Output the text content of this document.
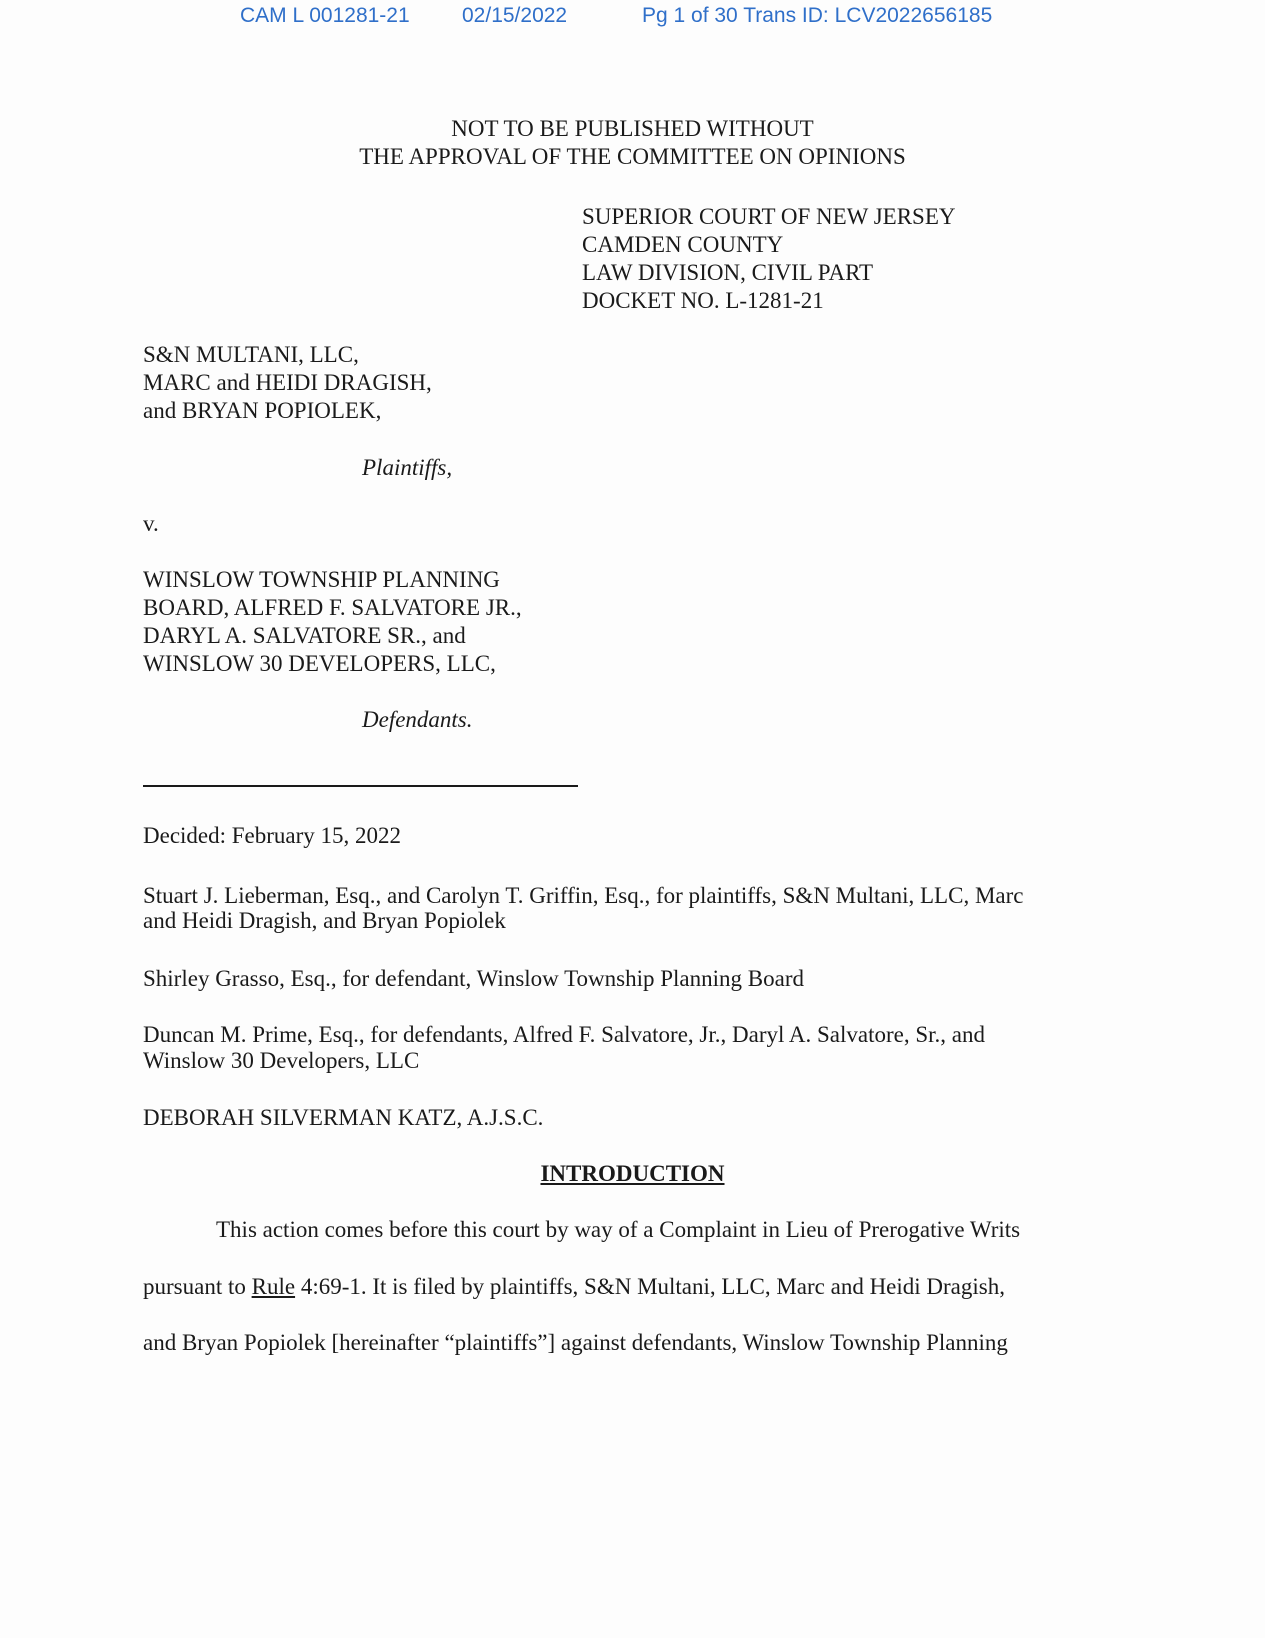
CAM L 001281-21 02/15/2022	Pg 1 of 30 Trans ID: LCV2022656185
NOT TO BE PUBLISHED WITHOUT
THE APPROVAL OF THE COMMITTEE ON OPINIONS
SUPERIOR COURT OF NEW JERSEY
CAMDEN COUNTY
LAW DIVISION, CIVIL PART
DOCKET NO. L-1281-21
S&N MULTANI, LLC,
MARC and HEIDI DRAGISH,
and BRYAN POPIOLEK,
Plaintiffs,
v.
WINSLOW TOWNSHIP PLANNING
BOARD, ALFRED F. SALVATORE JR.,
DARYL A. SALVATORE SR., and
WINSLOW 30 DEVELOPERS, LLC,
Defendants.
Decided: February 15, 2022
Stuart J. Lieberman, Esq., and Carolyn T. Griffin, Esq., for plaintiffs, S&N Multani, LLC, Marc
and Heidi Dragish, and Bryan Popiolek
Shirley Grasso, Esq., for defendant, Winslow Township Planning Board
Duncan M. Prime, Esq., for defendants, Alfred F. Salvatore, Jr., Daryl A. Salvatore, Sr., and
Winslow 30 Developers, LLC
DEBORAH SILVERMAN KATZ, A.J.S.C.
INTRODUCTION
This action comes before this court by way of a Complaint in Lieu of Prerogative Writs
pursuant to Rule 4:69-1. It is filed by plaintiffs, S&N Multani, LLC, Marc and Heidi Dragish,
and Bryan Popiolek [hereinafter “plaintiffs”] against defendants, Winslow Township Planning
